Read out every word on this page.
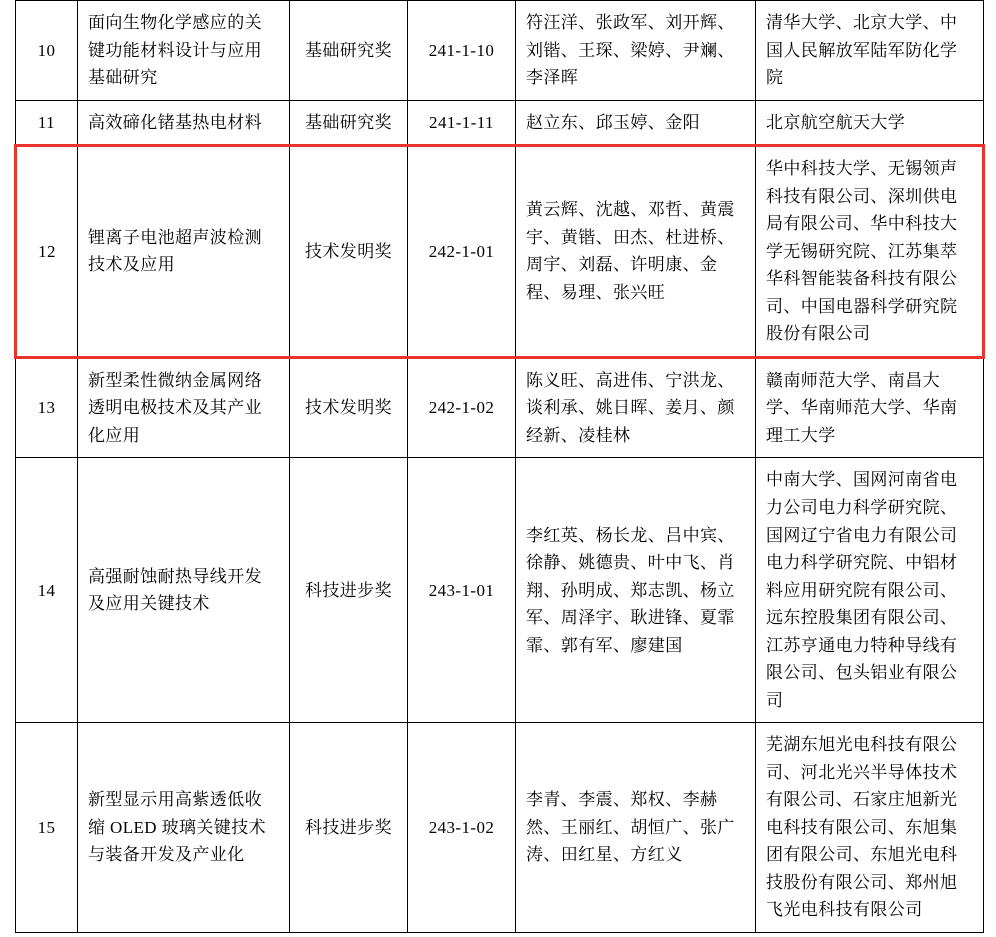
10	面向生物化学感应的关键功能材料设计与应用基础研究	基础研究奖	241-1-10	符汪洋、张政军、刘开辉、刘锴、王琛、梁婷、尹斓、李泽晖	清华大学、北京大学、中国人民解放军陆军防化学院
11	高效碲化锗基热电材料	基础研究奖	241-1-11	赵立东、邱玉婷、金阳	北京航空航天大学
12	锂离子电池超声波检测技术及应用	技术发明奖	242-1-01	黄云辉、沈越、邓哲、黄震宇、黄锴、田杰、杜进桥、周宇、刘磊、许明康、金程、易理、张兴旺	华中科技大学、无锡领声科技有限公司、深圳供电局有限公司、华中科技大学无锡研究院、江苏集萃华科智能装备科技有限公司、中国电器科学研究院股份有限公司
13	新型柔性微纳金属网络透明电极技术及其产业化应用	技术发明奖	242-1-02	陈义旺、高进伟、宁洪龙、谈利承、姚日晖、姜月、颜经新、凌桂林	赣南师范大学、南昌大学、华南师范大学、华南理工大学
14	高强耐蚀耐热导线开发及应用关键技术	科技进步奖	243-1-01	李红英、杨长龙、吕中宾、徐静、姚德贵、叶中飞、肖翔、孙明成、郑志凯、杨立军、周泽宇、耿进锋、夏霏霏、郭有军、廖建国	中南大学、国网河南省电力公司电力科学研究院、国网辽宁省电力有限公司电力科学研究院、中铝材料应用研究院有限公司、远东控股集团有限公司、江苏亨通电力特种导线有限公司、包头铝业有限公司
15	新型显示用高紫透低收缩 OLED 玻璃关键技术与装备开发及产业化	科技进步奖	243-1-02	李青、李震、郑权、李赫然、王丽红、胡恒广、张广涛、田红星、方红义	芜湖东旭光电科技有限公司、河北光兴半导体技术有限公司、石家庄旭新光电科技有限公司、东旭集团有限公司、东旭光电科技股份有限公司、郑州旭飞光电科技有限公司
